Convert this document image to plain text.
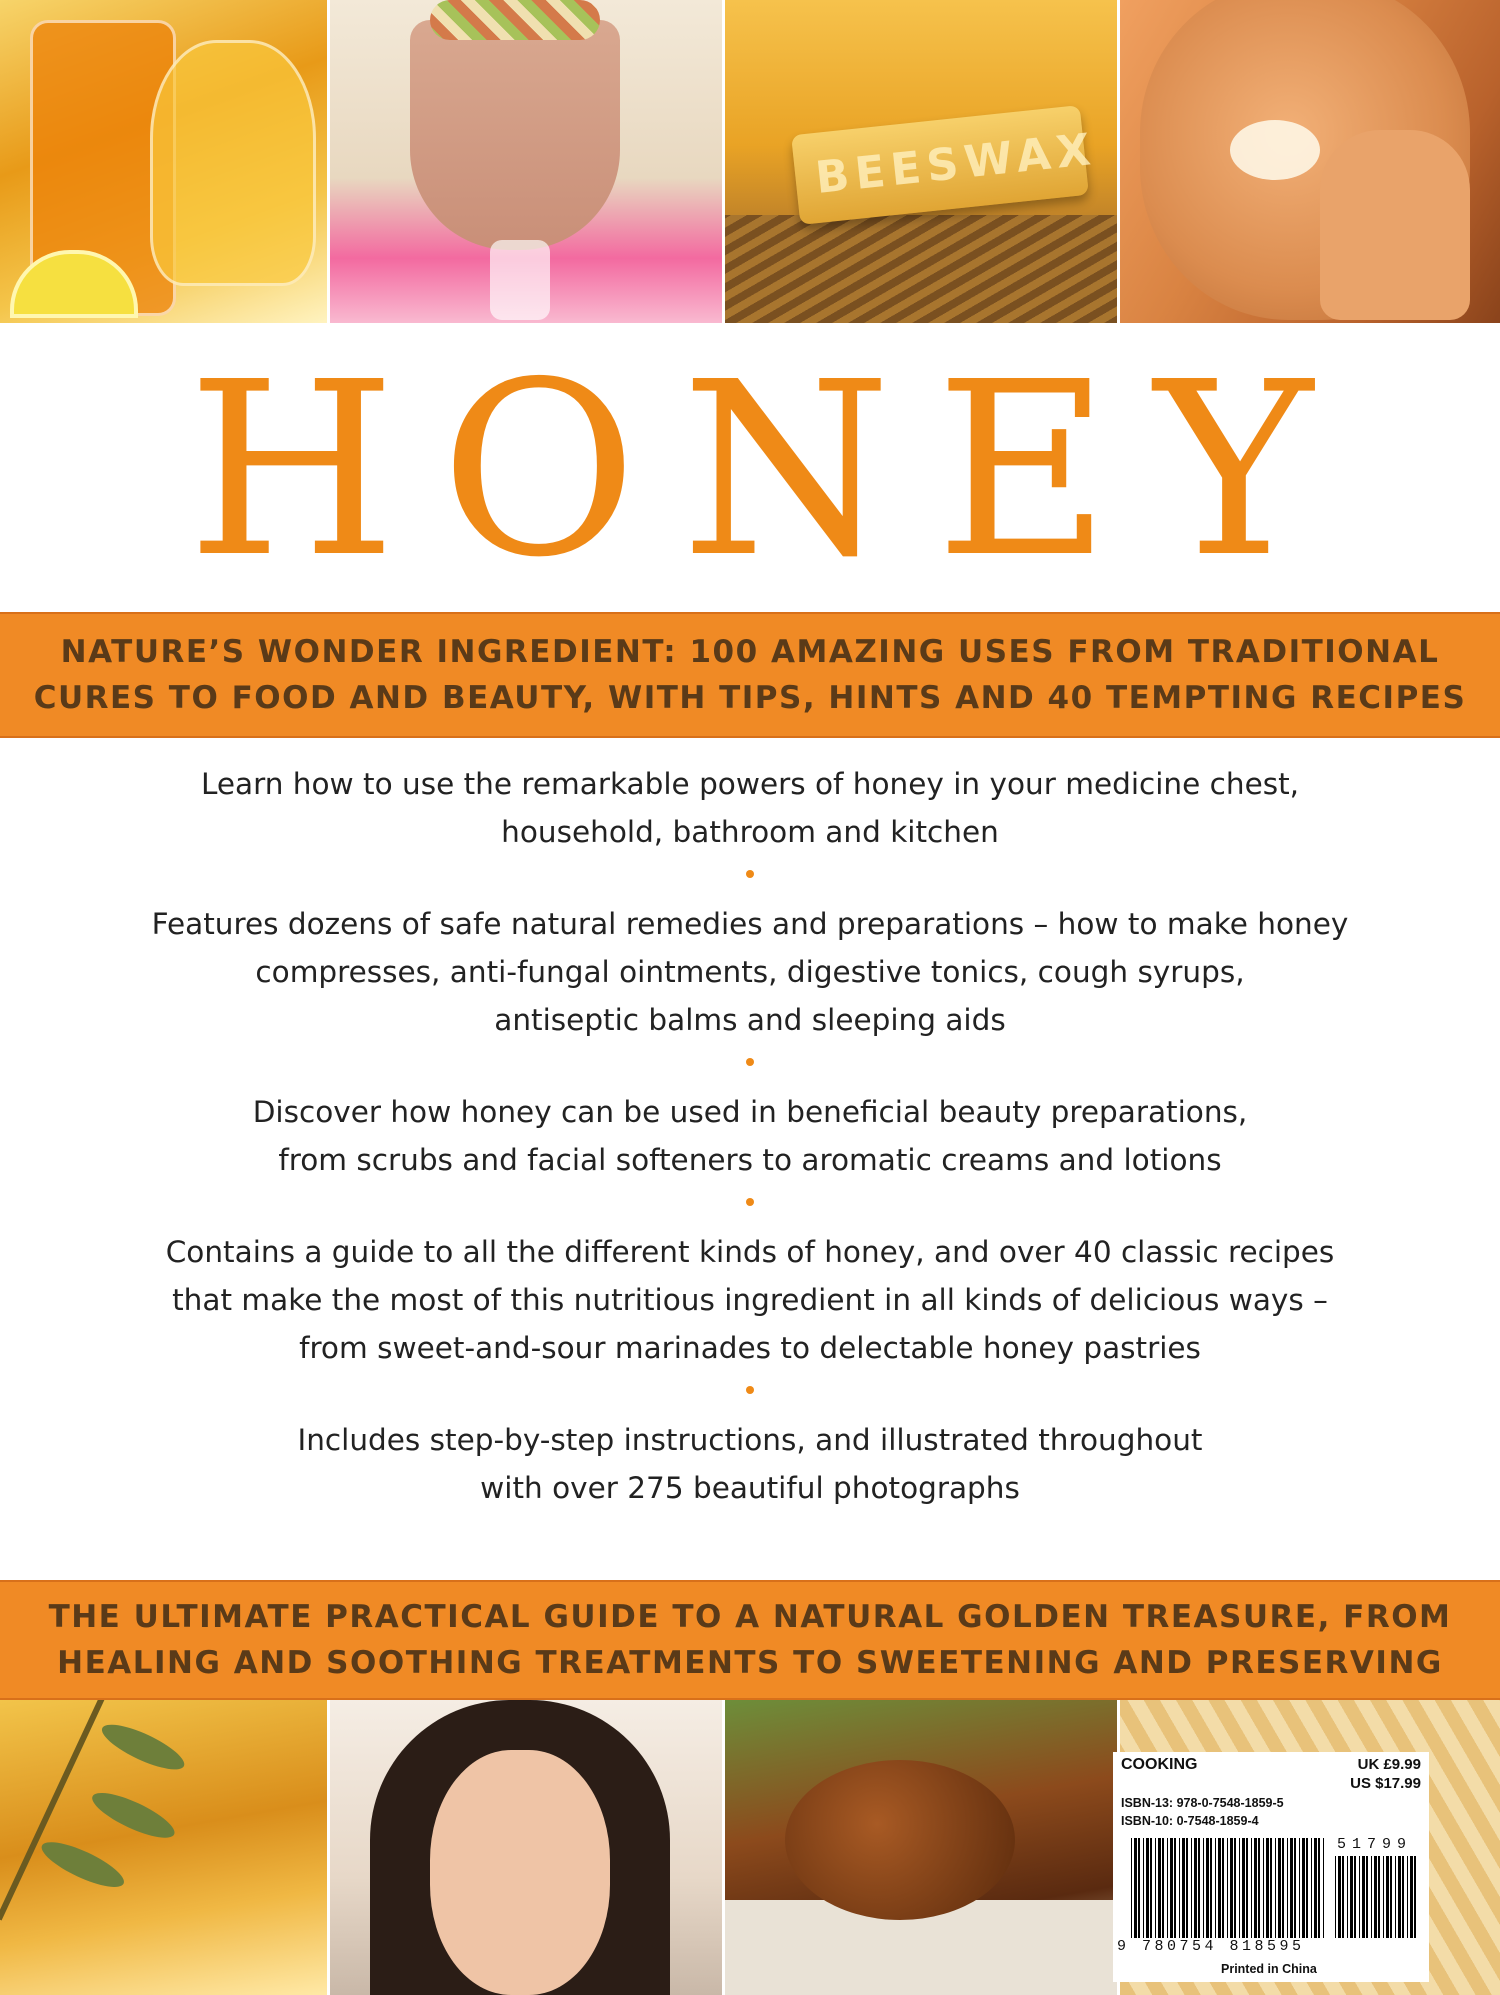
BEESWAX
HONEY
NATURE’S WONDER INGREDIENT: 100 AMAZING USES FROM TRADITIONAL
CURES TO FOOD AND BEAUTY, WITH TIPS, HINTS AND 40 TEMPTING RECIPES
Learn how to use the remarkable powers of honey in your medicine chest,
household, bathroom and kitchen
Features dozens of safe natural remedies and preparations – how to make honey
compresses, anti-fungal ointments, digestive tonics, cough syrups,
antiseptic balms and sleeping aids
Discover how honey can be used in beneficial beauty preparations,
from scrubs and facial softeners to aromatic creams and lotions
Contains a guide to all the different kinds of honey, and over 40 classic recipes
that make the most of this nutritious ingredient in all kinds of delicious ways –
from sweet-and-sour marinades to delectable honey pastries
Includes step-by-step instructions, and illustrated throughout
with over 275 beautiful photographs
THE ULTIMATE PRACTICAL GUIDE TO A NATURAL GOLDEN TREASURE, FROM
HEALING AND SOOTHING TREATMENTS TO SWEETENING AND PRESERVING
COOKING	UK £9.99
US $17.99
ISBN-13: 978-0-7548-1859-5
ISBN-10: 0-7548-1859-4
51799
9 780754 818595
Printed in China
